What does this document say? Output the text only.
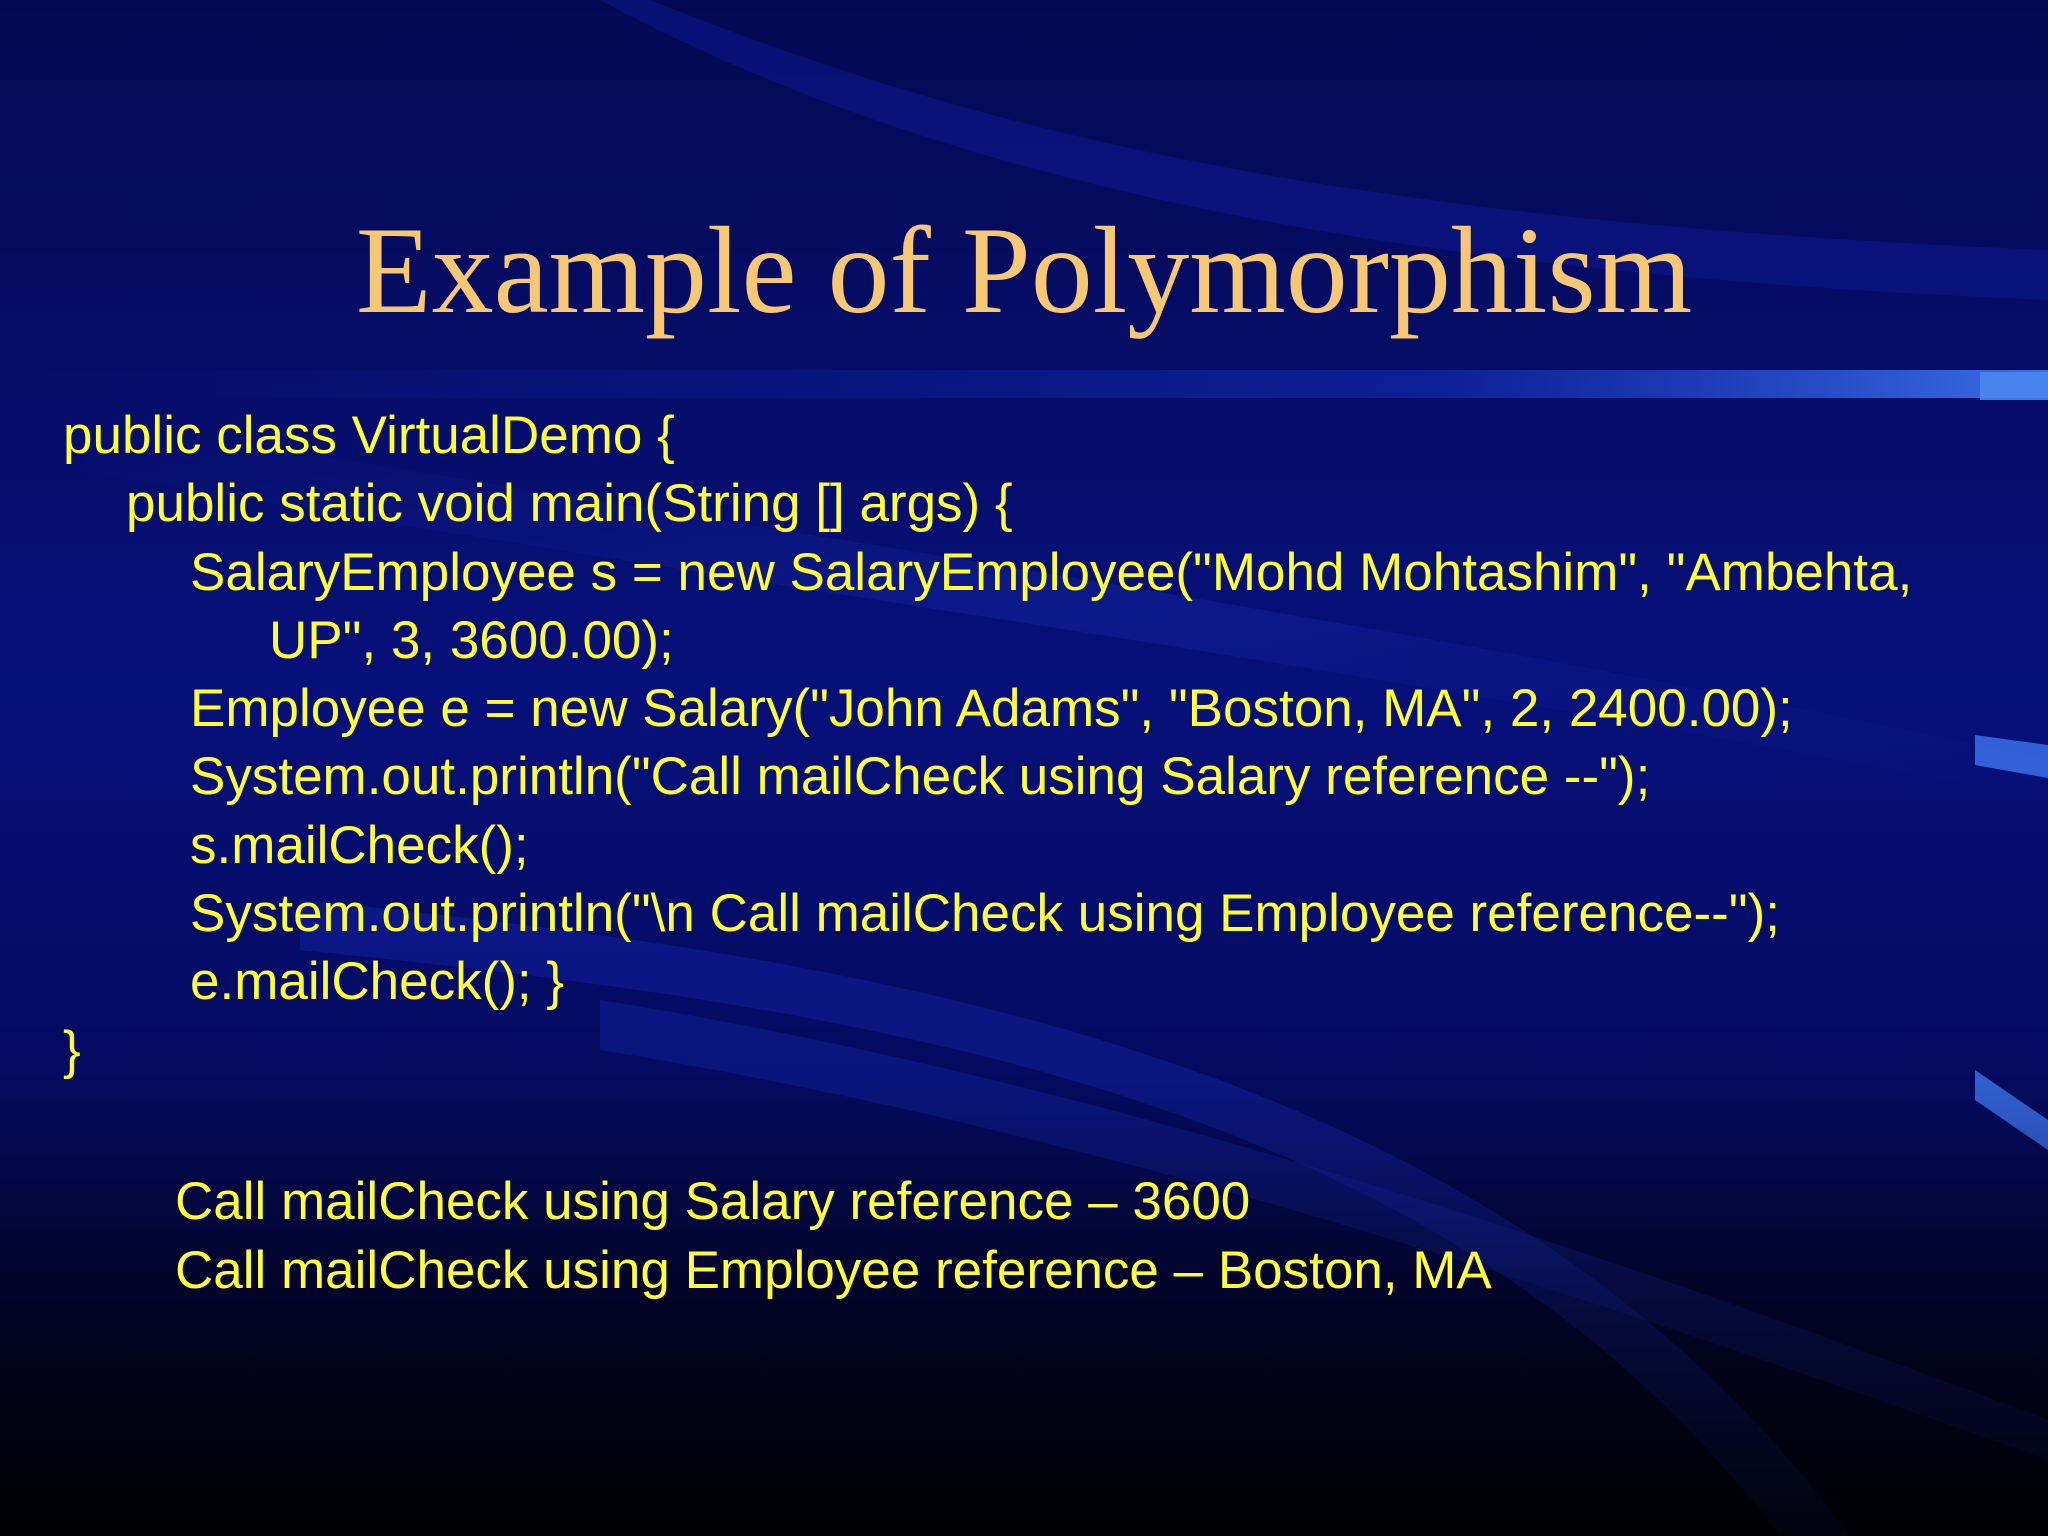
Example of Polymorphism
public class VirtualDemo {
public static void main(String [] args) {
SalaryEmployee s = new SalaryEmployee("Mohd Mohtashim", "Ambehta,
UP", 3, 3600.00);
Employee e = new Salary("John Adams", "Boston, MA", 2, 2400.00);
System.out.println("Call mailCheck using Salary reference --");
s.mailCheck();
System.out.println("\n Call mailCheck using Employee reference--");
e.mailCheck(); }
}
Call mailCheck using Salary reference – 3600
Call mailCheck using Employee reference – Boston, MA
